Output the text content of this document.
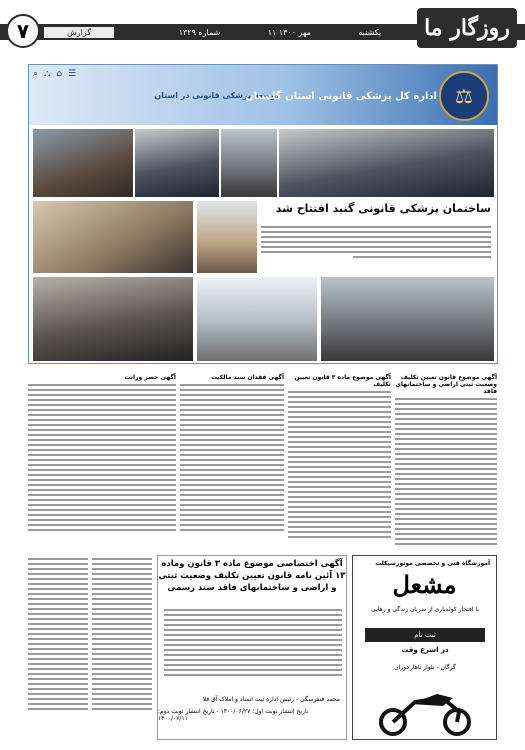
۷	گزارش	شماره ۱۳۲۹	۱۱ مهر ۱۴۰۰	یکشنبه	روزگار ما
⌕ ⛬ ⌂ ☰
توسعه پزشکی قانونی در استان
اداره کل پزشکی قانونی استان گلستان ⚖
ساختمان پزشکی قانونی گنبد افتتاح شد
آگهی موضوع قانون تعیین تکلیف وضعیت ثبتی اراضی و ساختمانهای فاقد
آگهی موضوع ماده ۳ قانون تعیین تکلیف
آگهی فقدان سند مالکیت
آگهی حصر وراثت
آگهی اختصاصی موضوع ماده ۳ قانون وماده ۱۳ آئین نامه قانون تعیین تکلیف وضعیت ثبتی و اراضی و ساختمانهای فاقد سند رسمی
محمد فنفرسگی - رئیس اداره ثبت اسناد و املاک آق قلا
تاریخ انتشار نوبت اول: ۱۴۰۰/۰۶/۲۷ - تاریخ انتشار نوبت دوم: ۱۴۰۰/۰۷/۱۱
آموزشگاه فنی و تخصصی موتورسیکلت
مشعل
با افتخار کوله‌باری از ضربان زندگی و رهایی
ثبت نام
در اسرع وقت
گرگان - بلوار ناهارخوران
